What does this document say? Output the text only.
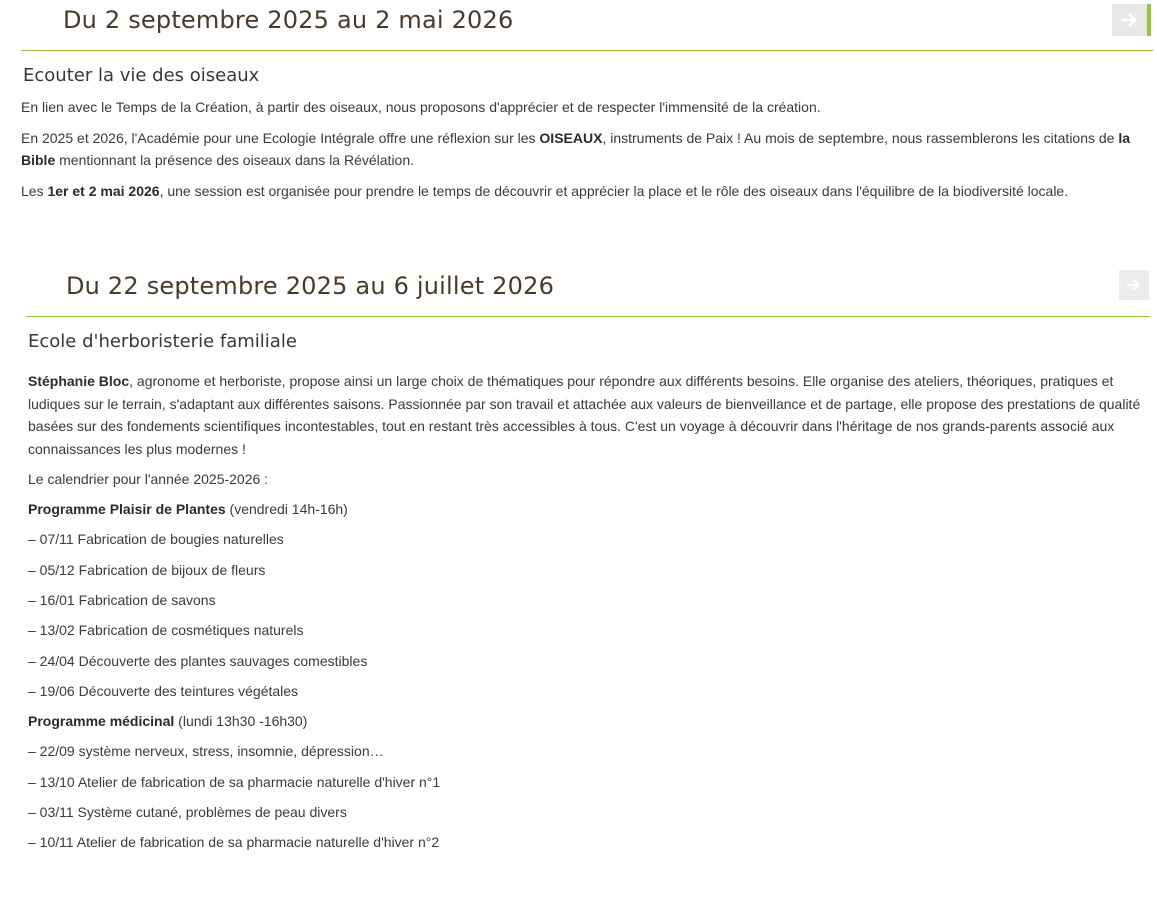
Du 2 septembre 2025 au 2 mai 2026
Ecouter la vie des oiseaux

En lien avec le Temps de la Création, à partir des oiseaux, nous proposons d'apprécier et de respecter l'immensité de la création.

En 2025 et 2026, l'Académie pour une Ecologie Intégrale offre une réflexion sur les OISEAUX, instruments de Paix ! Au mois de septembre, nous rassemblerons les citations de la Bible mentionnant la présence des oiseaux dans la Révélation.

Les 1er et 2 mai 2026, une session est organisée pour prendre le temps de découvrir et apprécier la place et le rôle des oiseaux dans l'équilibre de la biodiversité locale.

Du 22 septembre 2025 au 6 juillet 2026
Ecole d'herboristerie familiale

Stéphanie Bloc, agronome et herboriste, propose ainsi un large choix de thématiques pour répondre aux différents besoins. Elle organise des ateliers, théoriques, pratiques et ludiques sur le terrain, s'adaptant aux différentes saisons. Passionnée par son travail et attachée aux valeurs de bienveillance et de partage, elle propose des prestations de qualité basées sur des fondements scientifiques incontestables, tout en restant très accessibles à tous. C'est un voyage à découvrir dans l'héritage de nos grands-parents associé aux connaissances les plus modernes !

Le calendrier pour l'année 2025-2026 :

Programme Plaisir de Plantes (vendredi 14h-16h)

– 07/11 Fabrication de bougies naturelles

– 05/12 Fabrication de bijoux de fleurs

– 16/01 Fabrication de savons

– 13/02 Fabrication de cosmétiques naturels

– 24/04 Découverte des plantes sauvages comestibles

– 19/06 Découverte des teintures végétales

Programme médicinal (lundi 13h30 -16h30)

– 22/09 système nerveux, stress, insomnie, dépression…

– 13/10 Atelier de fabrication de sa pharmacie naturelle d'hiver n°1

– 03/11 Système cutané, problèmes de peau divers

– 10/11 Atelier de fabrication de sa pharmacie naturelle d'hiver n°2
